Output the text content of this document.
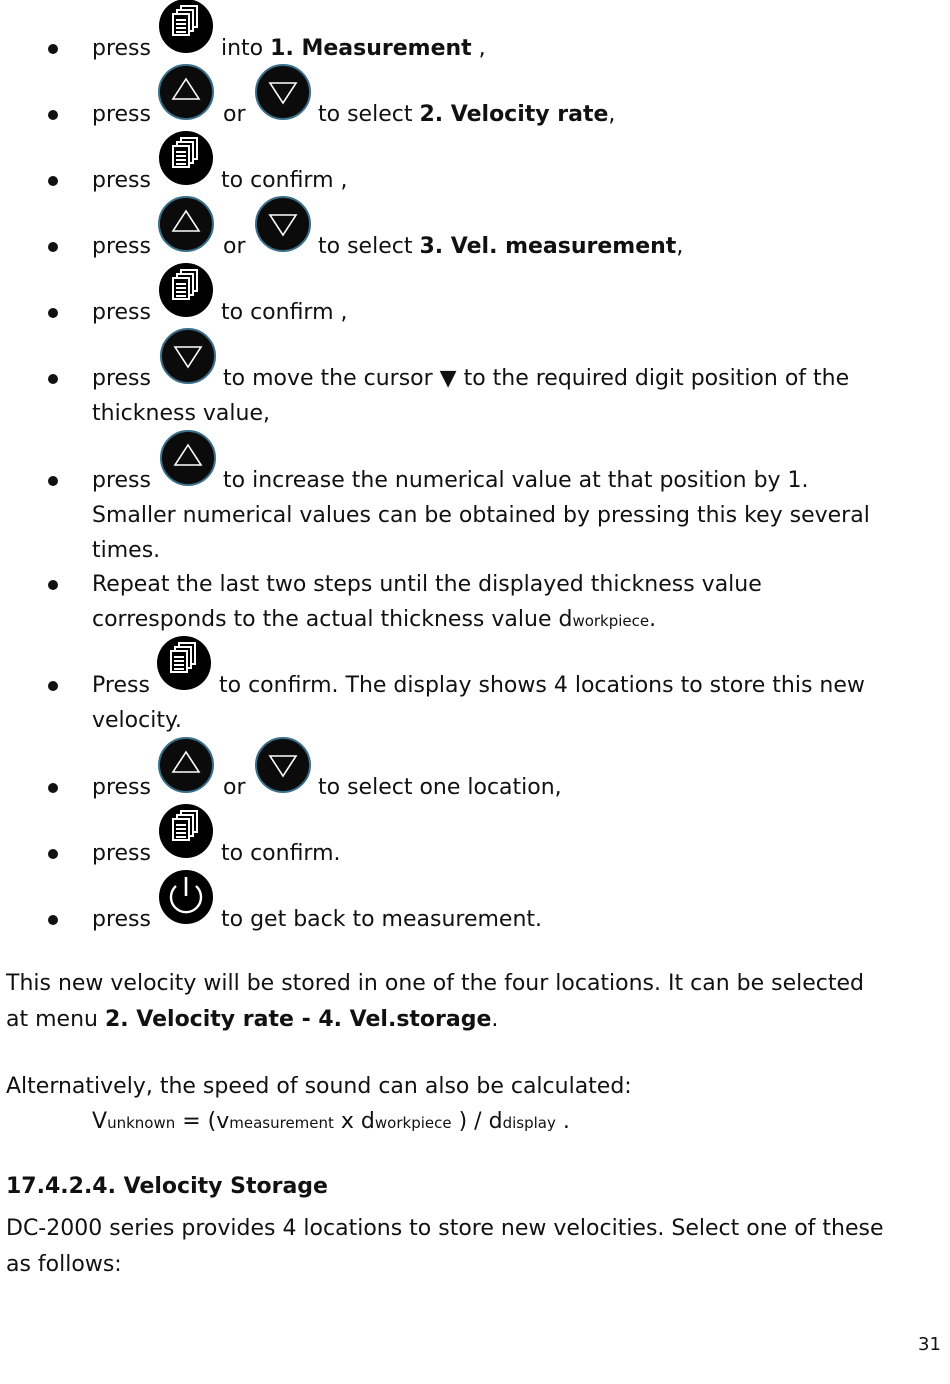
press	into 1. Measurement ,
press	or	to select 2. Velocity rate,
press	to confirm ,
press	or	to select 3. Vel. measurement,
press	to confirm ,
press	to move the cursor ▼ to the required digit position of the
thickness value,
press	to increase the numerical value at that position by 1.
Smaller numerical values can be obtained by pressing this key several
times.
Repeat the last two steps until the displayed thickness value
corresponds to the actual thickness value dworkpiece.
Press	to confirm. The display shows 4 locations to store this new
velocity.
press	or	to select one location,
press	to confirm.
press	to get back to measurement.
This new velocity will be stored in one of the four locations. It can be selected
at menu 2. Velocity rate - 4. Vel.storage.
Alternatively, the speed of sound can also be calculated:
Vunknown = (vmeasurement x dworkpiece ) / ddisplay .
17.4.2.4. Velocity Storage
DC-2000 series provides 4 locations to store new velocities. Select one of these
as follows:
31
